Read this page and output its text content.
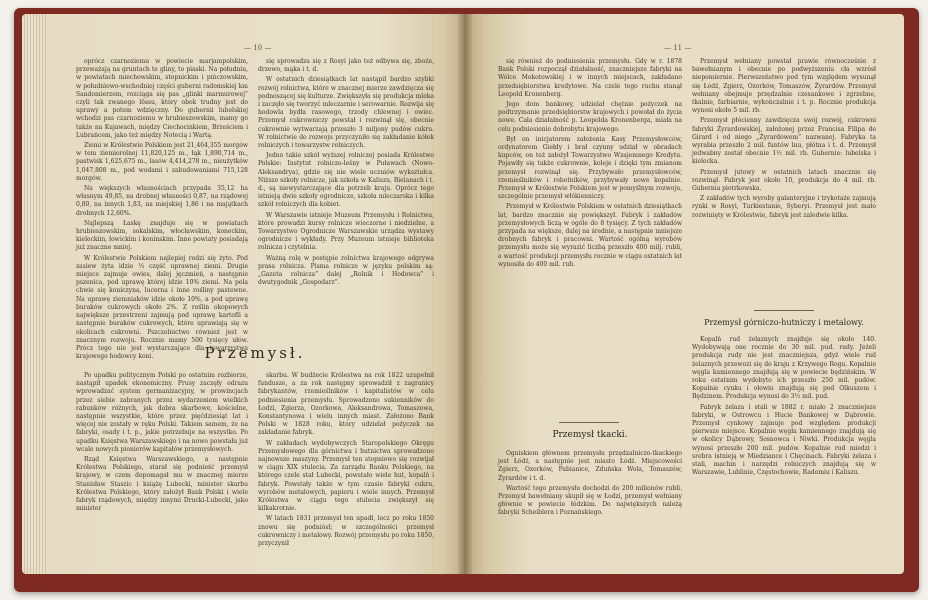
— 10 —

oprócz czarnoziemu w powiecie marjampolskim, przeważają na gruntach te gliny, to piaski. Na południu, w powiatach miechowskim, stopnickim i pińczowskim, w południowo-wschodniej części guberni radomskiej km Sandomierzem, rozciąga się pas „glinki marmurowej” czyli tak zwanego lössu, który obok trudny jest do uprawy a potem wdzięczny. Do gubernii lubelskiej wchodzi pas czarnoziemu w hrubieszowskim, mamy go także na Kujawach, między Ciechocinkiem, Brześciem i Lubrańcem, jako też między Notecią i Wartą.

Ziemi w Królestwie Polskiem jest 21,464,355 morgów w tem ziemiorolnej 11,820,125 m., łąk 1,890,714 m., pastwisk 1,625,675 m., lasów 4,414,278 m., nieużytków 1,047,808 m., pod wodami i zabudowaniami 715,128 morgów.

Na większych własnościach przypada 35,12 ha własnym 49,85, na drobnej własności 0,87, na rządowej 0,80, na innych 1,83, na miejskiej 1,86 i na majątkach drobnych 12,60%.

Najlepszą Łaskę znajduje się w powiatach hrubieszowskim, sokalskim, włocławskim, koneckim, kieleckim, łowickim i koninskim. Inne powiaty posiadają już znaczne mniej.

W Królestwie Polskiem najlepiej rodzi się żyto. Pod zasiew żyta idzie ⅓ część uprawnej ziemi. Drugie miejsce zajmuje owies, dalej jęczmień, a następnie pszenica, pod uprawę której idzie 10% ziemi. Na pola chwie się koniczyna, lucerna i inne rośliny pastewne. Na uprawę ziemniaków idzie około 10%, a pod uprawę buraków cukrowych około 2%. Z roślin okopowych największe przestrzeni zajmują pod uprawę kartofli a następnie buraków cukrowych, które uprawiają się w okolicach cukrowni. Pszczelnictwo również jest w znacznym rozwoju. Rocznie mamy 500 tysięcy ułów. Prócz tego nie jest wystarczające dla towarzystwa krajowego hodowcy koni.

się sprowadza się z Rosyi jako też odbywa się, zboże, drzewo, mąka i t. d.

W ostatnich dziesiątkach lat nastąpił bardzo szybki rozwój rolnictwa, które w znacznej mierze zawdzięcza się podnoszącej się kulturze. Zwiększyła się produkcja mleka i zaczęło się tworzyć mleczarnie i serowarnie. Rozwija się hodowla bydła rasowego, trzody chlewnej i owiec. Przemysł cukrowniczy powstał i rozwinął się, obecnie cukrownie wytwarzają przeszło 3 miljony pudów cukru. W rolnictwie do rozwoju przyczyniło się zakładanie kółek rolniczych i towarzystw rolniczych.

Jedno takie szkół wyższej rolniczej posiada Królestwo Polskie: Instytut rolniczo-leśny w Puławach (Nowo-Aleksandrya), gdzie się nie wiele uczniów wykształca. Niższe szkoły rolnicze, jak szkoła w Kaliszu, Bielanach i t. d., są niewystarczające dla potrzeb kraju. Oprócz tego istnieją dwie szkoły ogrodnicze, szkoła mleczarska i kilka szkół rolniczych dla kobiet.

W Warszawie istnieje Muzeum Przemysłu i Rolnictwa, które prowadzi kursy rolnicze wieczorne i niedzielne, a Towarzystwo Ogrodnicze Warszawskie urządza wystawy ogrodnicze i wykłady. Przy Muzeum istnieje biblioteka rolnicza i czytelnia.

Ważną rolę w postępie rolnictwa krajowego odgrywa prasa rolnicza. Pisma rolnicze w języku polskim są: „Gazeta rolnicza” dalej „Rolnik i Hodowca” i dwutygodnik „Gospodarz”.

Przemysł.

Po upadku politycznym Polski po ostatnim rozbiorze, nastąpił upadek ekonomiczny. Prusy zaczęły odrazu wprowadzać system germanizacyjny, w prowincjach przez siebie zabranych przez wydarzeniem wielkich rabunków różnych, jak dobra skarbowe, kościelne, następnie wszystkie, które przez pięćdziesiąt lat i więcej nie zostały w ręku Polski. Takiem samem, że na fabryki, osady i t. p., jakie potrzebuje na wszystko. Po upadku Księstwa Warszawskiego i na nowo powstała już wcale nowych pionierów kapitałów przemysłowych.

Rząd Księstwa Warszawskiego, a następnie Królestwa Polskiego, starał się podnieść przemysł krajowy, w czem dopomagał mu w znacznej mierze Stanisław Staszic i książę Lubecki, minister skarbu Królestwa Polskiego, który założył Bank Polski i wiele fabryk rządowych, między innymi Drucki-Lubecki, jako minister

skarbu. W budżecie Królestwa na rok 1822 uzupełnił fundusze, a za rok następny sprowadził z zagranicy fabrykantów, rzemieślników i kapitalistów w celu podniesienia przemysłu. Sprowadzono sukienników do Łodzi, Zgierza, Ozorkowa, Aleksandrowa, Tomaszowa, Konstantynowa i wielu innych miast. Założono Bank Polski w 1828 roku, który udzielał pożyczek na zakładanie fabryk.

W zakładach wydobywczych Staropolskiego Okręgu Przemysłowego dla górnictwa i hutnictwa sprowadzono najnowsze maszyny. Przemysł ten stopniowo się rozwijał w ciągu XIX stulecia. Za zarządu Banku Polskiego, na którego czele stał Lubecki, powstało wiele hut, kopalń i fabryk. Powstały także w tym czasie fabryki cukru, wyrobów metalowych, papieru i wiele innych. Przemysł Królestwa w ciągu tego stulecia zwiększył się kilkakrotnie.

W latach 1831 przemysł ten upadł, lecz po roku 1850 znowu się podniósł; w szczególności przemysł cukrowniczy i metalowy. Rozwój przemysłu po roku 1850, przyczynił

— 11 —

się również do podniesienia przemysłu. Gdy w r. 1878 Bank Polski rozpoczął działalność, znaczniejsze fabryki na Wólce Mokotowskiej i w innych miejscach, zakładano przedsiębiorstwa kredytowe. Na czele tego ruchu stanął Leopold Kronenberg.

Jego dom bankowy, udzielał chętnie pożyczek na podtrzymanie przedsiębiorstw krajowych i powołał do życia nowe. Cała działalność p. Leopolda Kronenberga, miała na celu podniesienie dobrobytu krajowego.

Był on inicjatorem założenia Kasy Przemysłowców, ordynatorem Giełdy i brał czynny udział w obradach kupców, on też założył Towarzystwo Wzajemnego Kredytu. Pojawiły się także cukrownie, koleje i dzięki tym zmianom przemysł rozwinął się. Przybywało przemysłowców, rzemieślników i robotników, przybywały nowe kopalnie. Przemysł w Królestwie Polskiem jest w pomyślnym rozwoju, szczególnie przemysł włókienniczy.

Przemysł w Królestwie Polskiem w ostatnich dziesiątkach lat, bardzo znacznie się powiększył. Fabryk i zakładów przemysłowych liczą w ogóle do 8 tysięcy. Z tych zakładów przypada na większe, dalej na średnie, a następnie mniejsze drobnych fabryk i pracowni. Wartość ogólną wyrobów przemysłu może się wyrazić liczbą przeszło 400 milj. rubli, a wartość produkcji przemysłu rocznie w ciągu ostatnich lat wynosiła do 400 mil. rub.

Przemysł tkacki.

Ogniskiem głównem przemysłu przędzalniczo-tkackiego jest Łódź, a następnie jest miasto Łódź. Miejscowości Zgierz, Ozorków, Pabianice, Zduńska Wola, Tomaszów, Żyrardów i t. d.

Wartość tego przemysłu dochodzi do 200 milionów rubli. Przemysł bawełniany skupił się w Łodzi, przemysł wełniany głównie w powiecie łódzkim. Do największych należą fabryki Scheiblera i Poznańskiego.

Przemysł wełniany powstał prawie równocześnie z bawełnianym i obecnie po podwyższeniu cła wzrósł niepomiernie. Pierwszeństwo pod tym względem wysunął się Łódź, Zgierz, Ozorków, Tomaszów, Żyrardów. Przemysł wełniany obejmuje przędzalnie czesankowe i zgrzebne, tkalnie, farbiarnie, wykończalnie i t. p. Rocznie produkcja wynosi około 5 mil. rb.

Przemysł płócienny zawdzięcza swój rozwój, cukrowni fabryki Żyrardowskiej, założonej przez Francisa Filipa de Girard i od niego „Żyrardowem” nazwanej. Fabryka ta wyrabia przeszło 2 mil. funtów lnu, płótna i t. d. Przemysł jedwabny został obecnie 1½ mil. rb. Gubernie: lubelska i kielecka.

Przemysł jutowy w ostatnich latach znacznie się rozwinął. Fabryk jest około 10, produkcja do 4 mil. rb. Gubernia piotrkowska.

Z zakładów tych wyroby galanteryjne i trykotaże zajmują rynki w Rosyi, Turkiestanie, Syberyi. Przemysł jest mało rozwinięty w Królestwie, fabryk jest zaledwie kilka.

Przemysł górniczo-hutniczy i metalowy.

Kopalń rud żelaznych znajduje się około 140. Wydobywają one rocznie do 30 mil. pud. rudy. Jeżeli produkcja rudy nie jest znaczniejsza, gdyż wiele rud żelaznych przewozi się do kraju z Krzywego Rogu. Kopalnie węgla kamiennego znajdują się w powiecie będzińskim. W roku ostatnim wydobyto ich przeszło 250 mil. pudów. Kopalnie cynku i ołowiu znajdują się pod Olkuszem i Będzinem. Produkcja wynosi do 3½ mil. pud.

Fabryk żelaza i stali w 1882 r. miało 2 znaczniejsze fabryki, w Ostrowcu i Hucie Bankowej w Dąbrowie. Przemysł cynkowy zajmuje pod względem produkcji pierwsze miejsce. Kopalnie węgla kamiennego znajdują się w okolicy Dąbrowy, Sosnowca i Niwki. Produkcja węgla wynosi przeszło 200 mil. pudów. Kopalnie rud miedzi i srebra istnieją w Miedziance i Chęcinach. Fabryki żelaza i stali, machin i narzędzi rolniczych znajdują się w Warszawie, Lublinie, Częstochowie, Radomiu i Kaliszu.
